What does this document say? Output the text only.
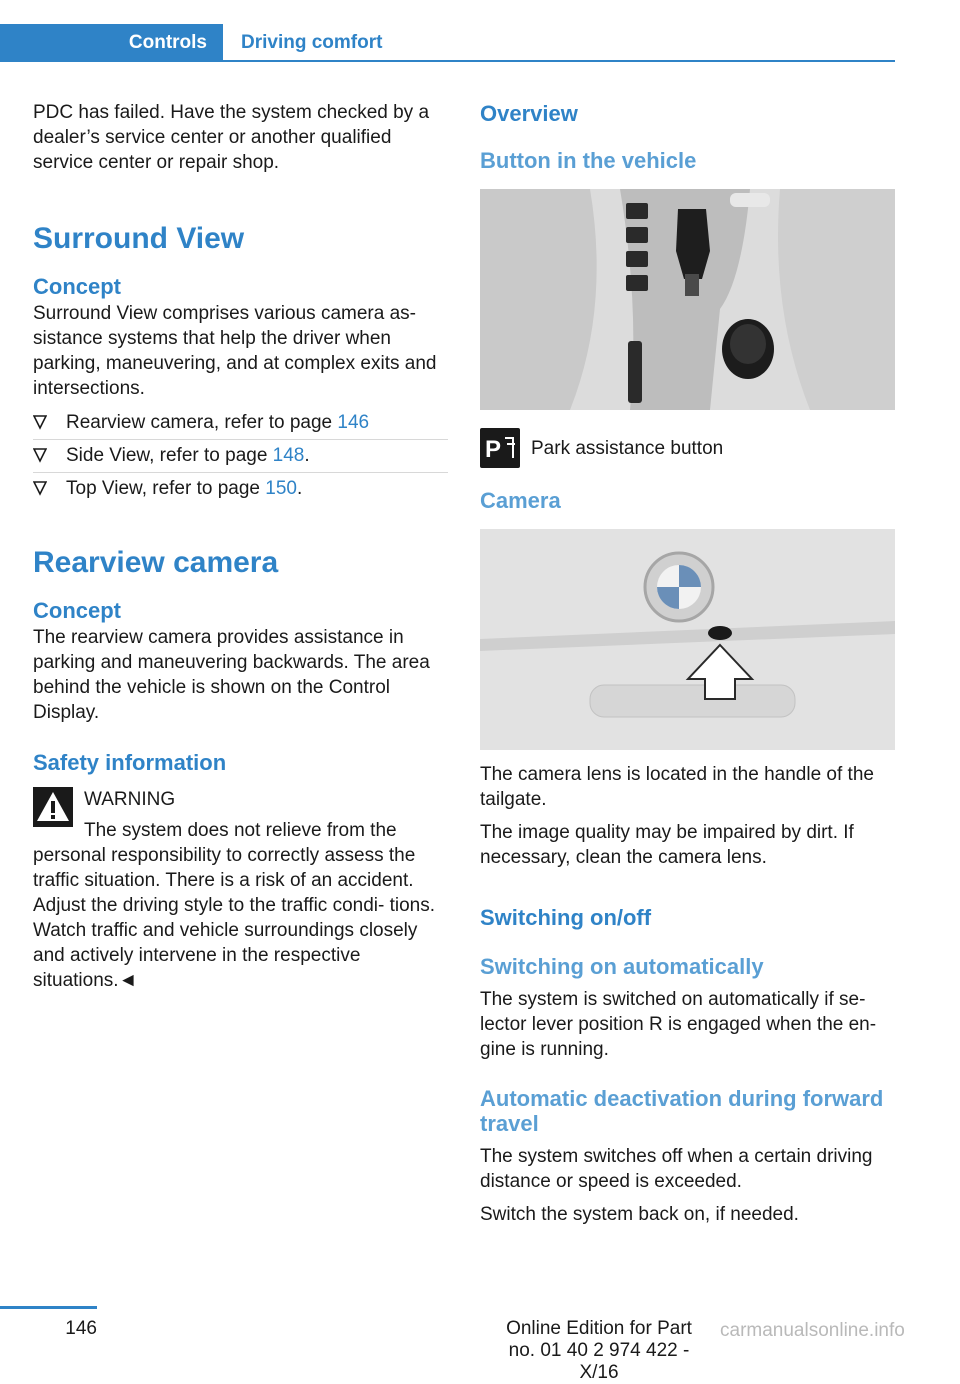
Controls	Driving comfort

PDC has failed. Have the system checked by a dealer’s service center or another qualified service center or repair shop.

Surround View
Concept

Surround View comprises various camera as‐ sistance systems that help the driver when parking, maneuvering, and at complex exits and intersections.

Rearview camera, refer to page 146
Side View, refer to page 148.
Top View, refer to page 150.
Rearview camera
Concept

The rearview camera provides assistance in parking and maneuvering backwards. The area behind the vehicle is shown on the Control Display.

Safety information

WARNING

The system does not relieve from the personal responsibility to correctly assess the traffic situation. There is a risk of an accident. Adjust the driving style to the traffic condi‐ tions. Watch traffic and vehicle surroundings closely and actively intervene in the respective situations.◄

Overview
Button in the vehicle
P Park assistance button
Camera

The camera lens is located in the handle of the tailgate.

The image quality may be impaired by dirt. If necessary, clean the camera lens.

Switching on/off
Switching on automatically

The system is switched on automatically if se‐ lector lever position R is engaged when the en‐ gine is running.

Automatic deactivation during forward travel

The system switches off when a certain driving distance or speed is exceeded.

Switch the system back on, if needed.

146	Online Edition for Part no. 01 40 2 974 422 - X/16
carmanualsonline.info
